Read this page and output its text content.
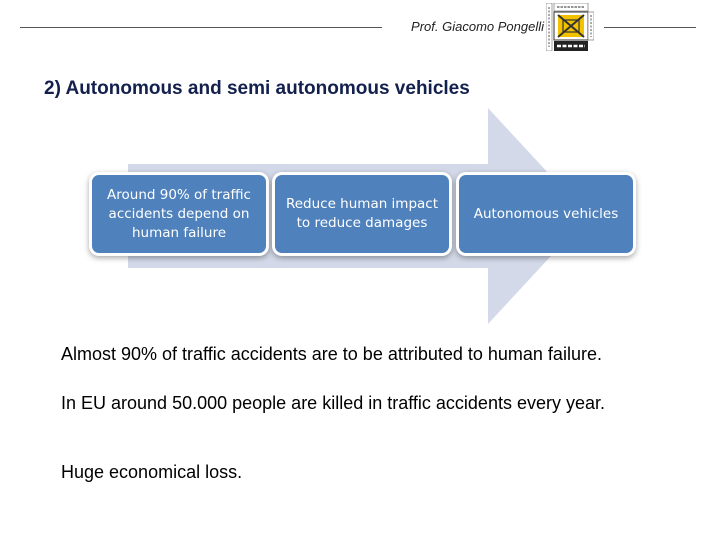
Prof. Giacomo Pongelli
2) Autonomous and semi autonomous vehicles
Around 90% of traffic accidents depend on human failure
Reduce human impact to reduce damages
Autonomous vehicles
Almost 90% of traffic accidents are to be attributed to human failure.
In EU around 50.000 people are killed in traffic accidents every year.
Huge economical loss.
